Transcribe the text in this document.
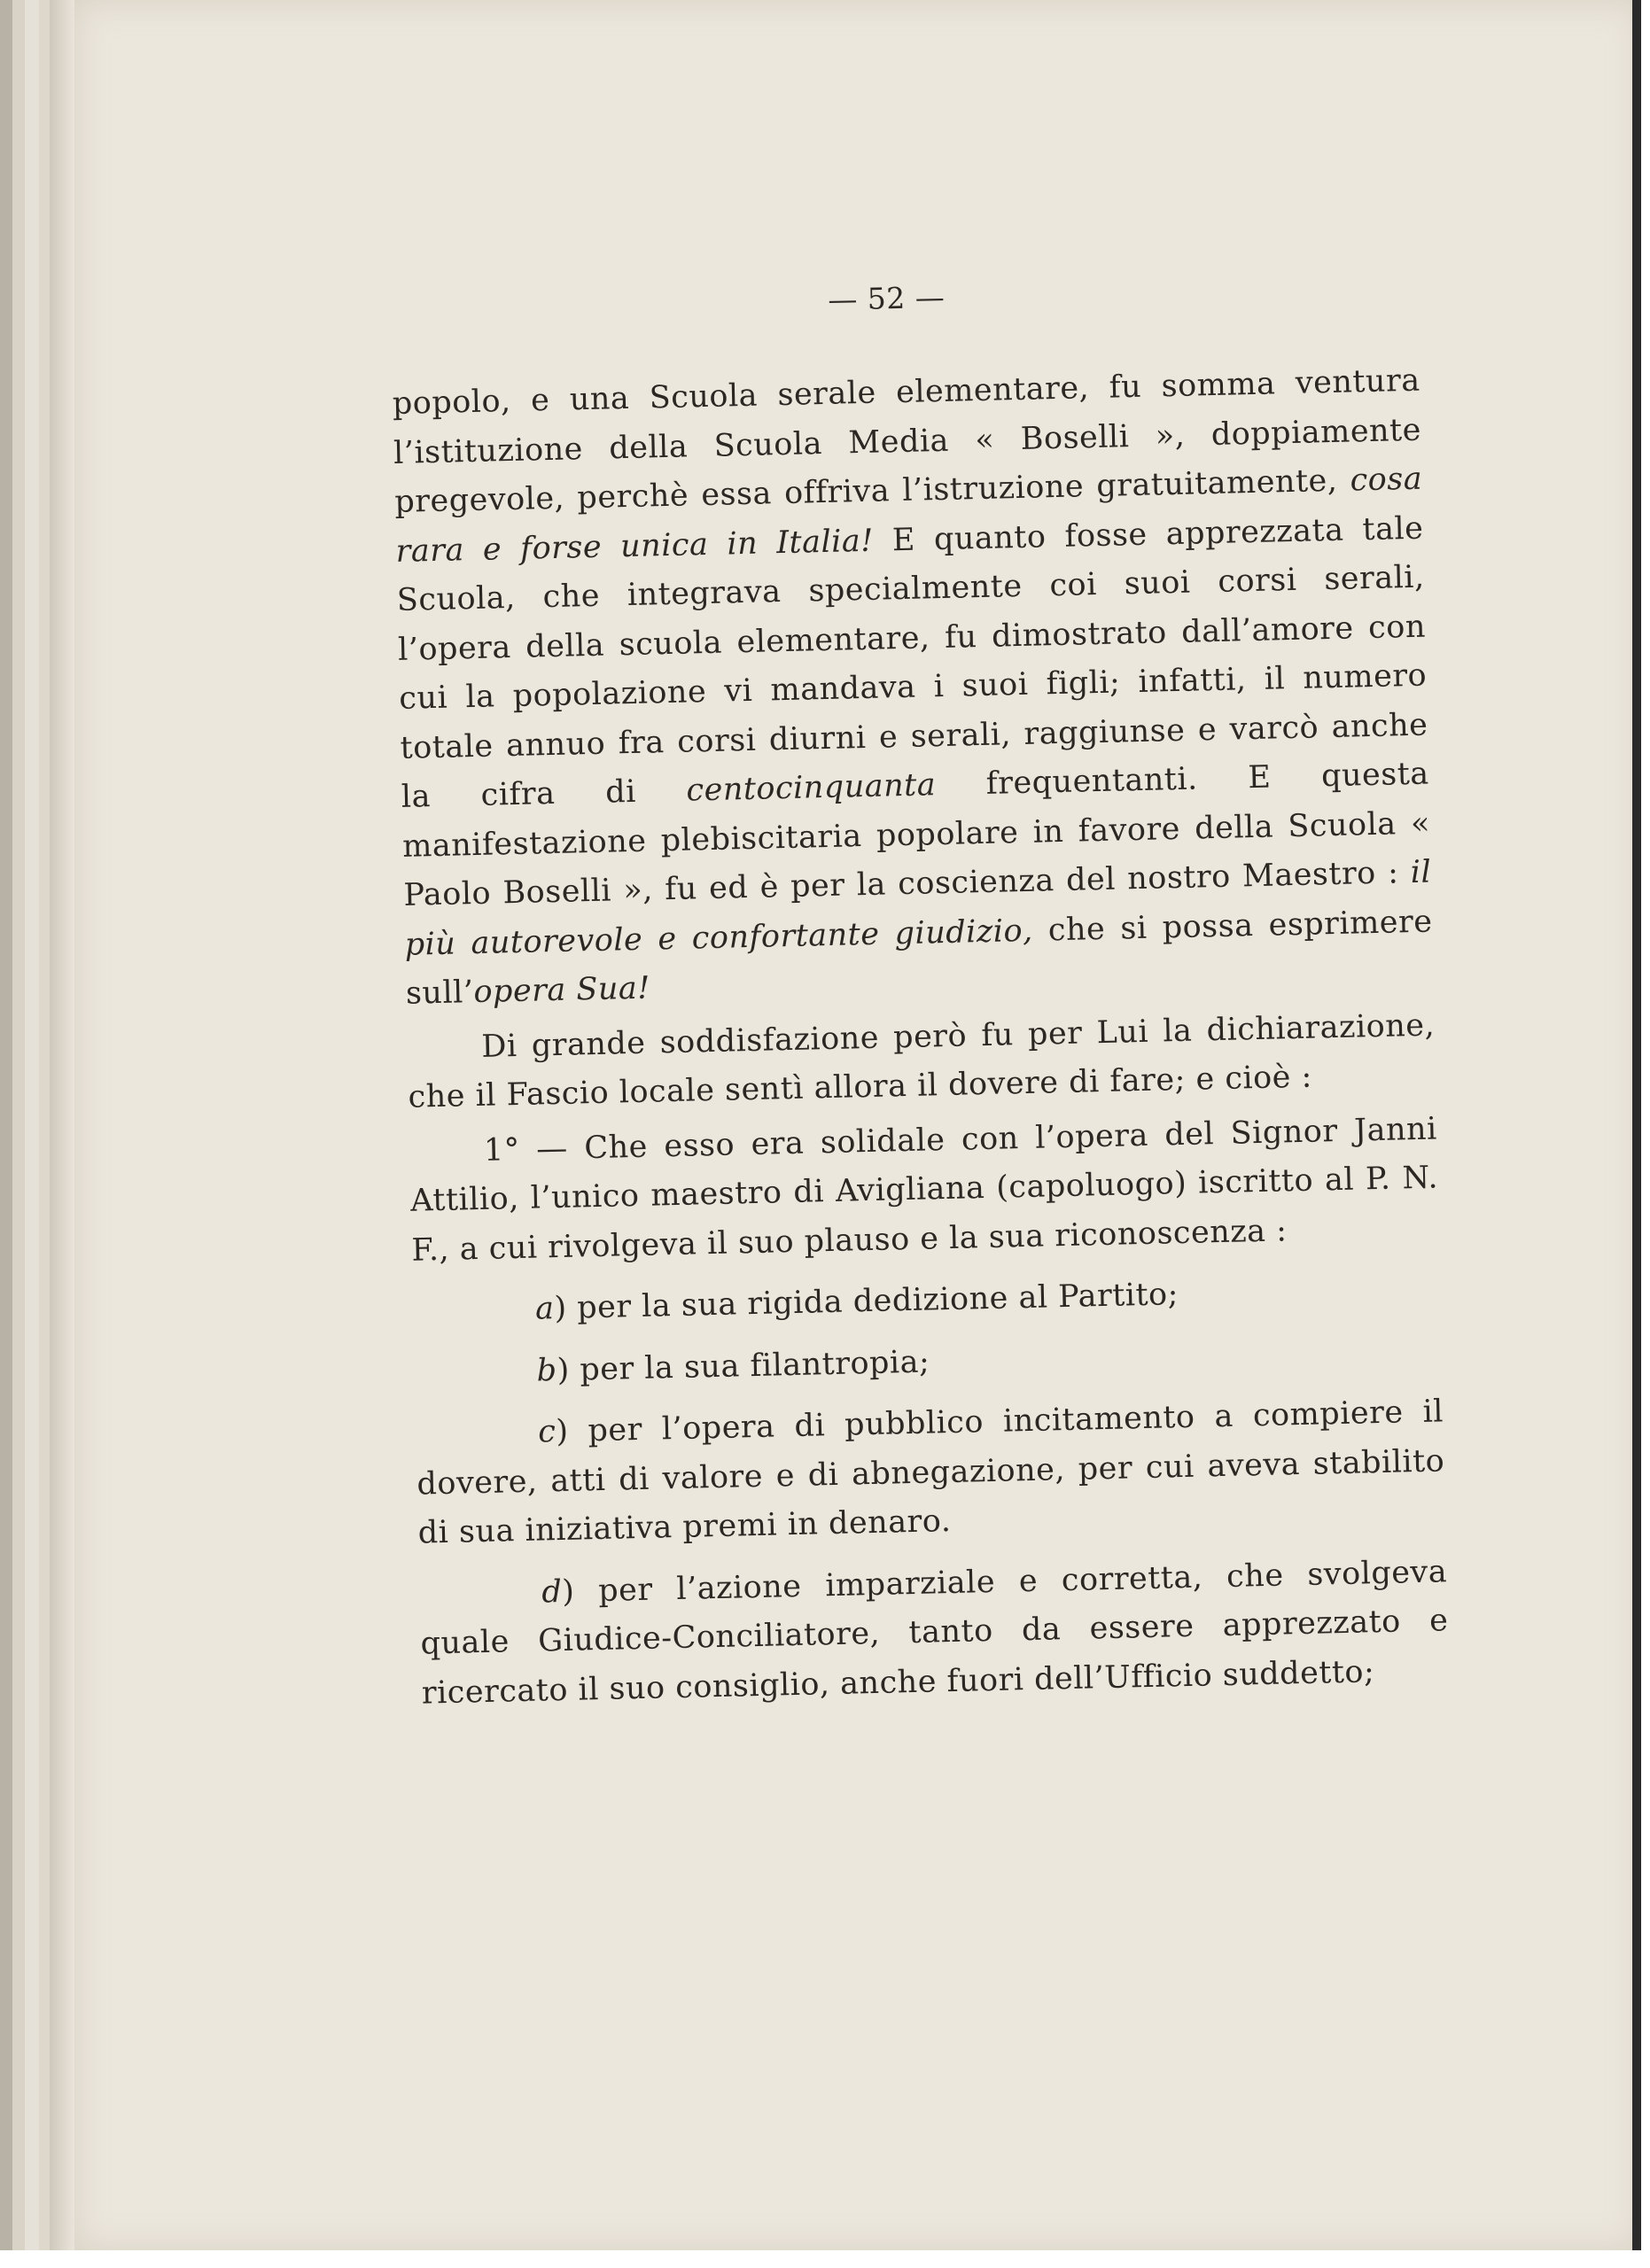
— 52 —

popolo, e una Scuola serale elementare, fu somma ventura l’istituzione della Scuola Media « Boselli », doppiamente pregevole, perchè essa offriva l’istruzione gratuitamente, cosa rara e forse unica in Italia! E quanto fosse apprezzata tale Scuola, che integrava specialmente coi suoi corsi serali, l’opera della scuola elementare, fu dimostrato dall’amore con cui la popolazione vi mandava i suoi figli; infatti, il numero totale annuo fra corsi diurni e serali, raggiunse e varcò anche la cifra di centocinquanta frequentanti. E questa manifestazione plebiscitaria popolare in favore della Scuola « Paolo Boselli », fu ed è per la coscienza del nostro Maestro : il più autorevole e confortante giudizio, che si possa esprimere sull’opera Sua!

Di grande soddisfazione però fu per Lui la dichiarazione, che il Fascio locale sentì allora il dovere di fare; e cioè :

1° — Che esso era solidale con l’opera del Signor Janni Attilio, l’unico maestro di Avigliana (capoluogo) iscritto al P. N. F., a cui rivolgeva il suo plauso e la sua riconoscenza :

a) per la sua rigida dedizione al Partito;

b) per la sua filantropia;

c) per l’opera di pubblico incitamento a compiere il dovere, atti di valore e di abnegazione, per cui aveva stabilito di sua iniziativa premi in denaro.

d) per l’azione imparziale e corretta, che svolgeva quale Giudice-Conciliatore, tanto da essere apprezzato e ricercato il suo consiglio, anche fuori dell’Ufficio suddetto;
